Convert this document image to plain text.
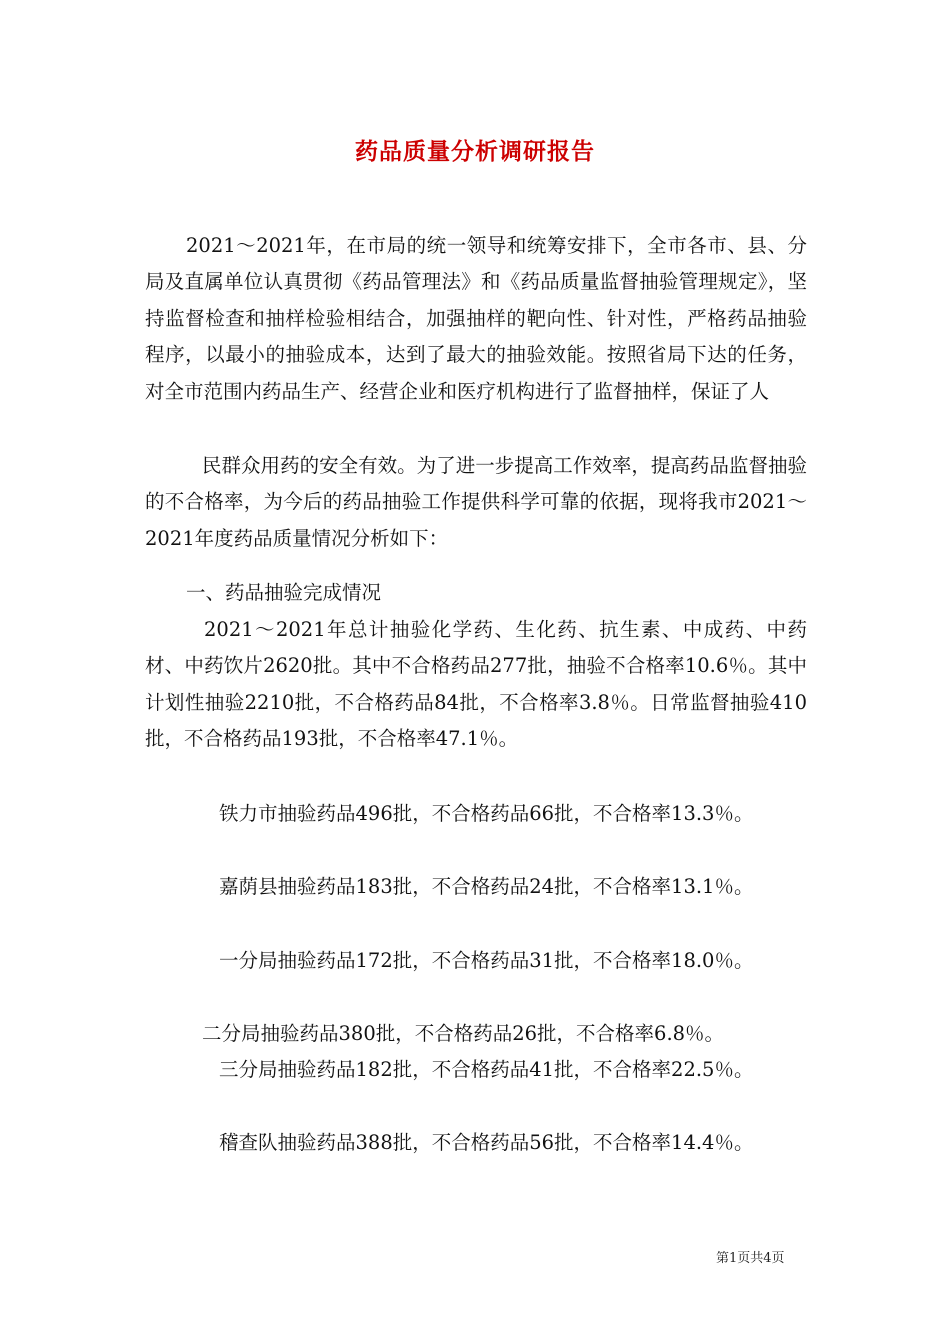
药品质量分析调研报告

2021～2021年，在市局的统一领导和统筹安排下，全市各市、县、分局及直属单位认真贯彻《药品管理法》和《药品质量监督抽验管理规定》，坚持监督检查和抽样检验相结合，加强抽样的靶向性、针对性，严格药品抽验程序，以最小的抽验成本，达到了最大的抽验效能。按照省局下达的任务，对全市范围内药品生产、经营企业和医疗机构进行了监督抽样，保证了人

民群众用药的安全有效。为了进一步提高工作效率，提高药品监督抽验的不合格率，为今后的药品抽验工作提供科学可靠的依据，现将我市2021～2021年度药品质量情况分析如下：

一、药品抽验完成情况

2021～2021年总计抽验化学药、生化药、抗生素、中成药、中药材、中药饮片2620批。其中不合格药品277批，抽验不合格率10.6％。其中计划性抽验2210批，不合格药品84批，不合格率3.8％。日常监督抽验410批，不合格药品193批，不合格率47.1％。

铁力市抽验药品496批，不合格药品66批，不合格率13.3％。

嘉荫县抽验药品183批，不合格药品24批，不合格率13.1％。

一分局抽验药品172批，不合格药品31批，不合格率18.0％。

二分局抽验药品380批，不合格药品26批，不合格率6.8％。

三分局抽验药品182批，不合格药品41批，不合格率22.5％。

稽查队抽验药品388批，不合格药品56批，不合格率14.4％。

第1页共4页
